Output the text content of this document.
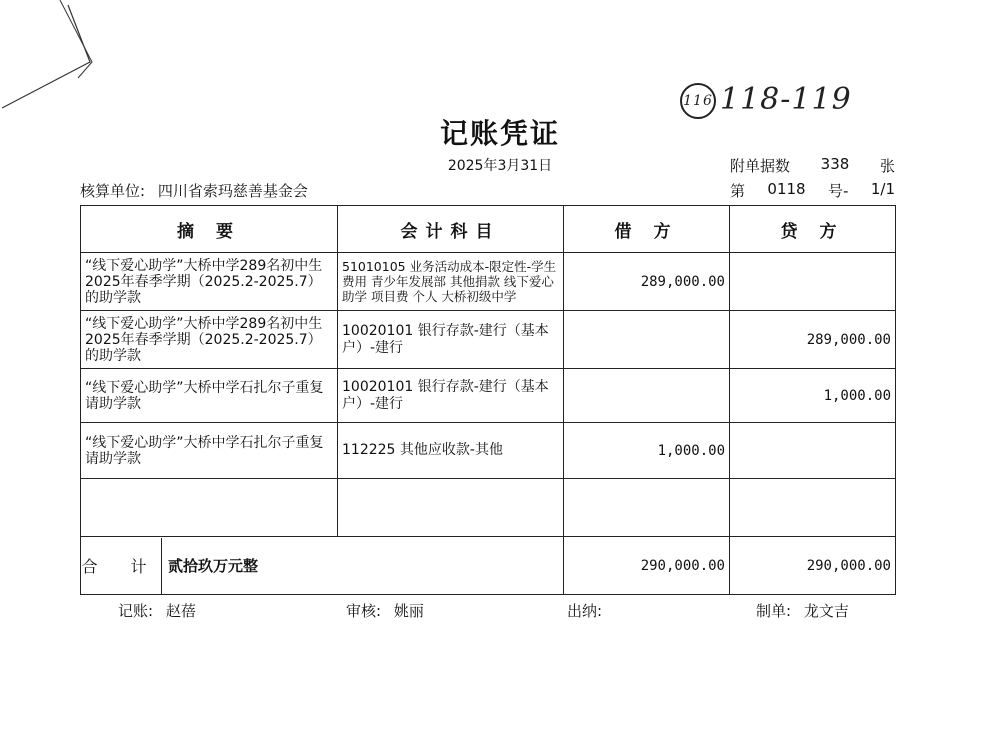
记账凭证
2025年3月31日
116 118-119
附单据数 338 张
第 0118 号- 1/1
核算单位: 四川省索玛慈善基金会
摘 要	会计科目	借 方	贷 方
“线下爱心助学”大桥中学289名初中生2025年春季学期（2025.2-2025.7）的助学款	51010105 业务活动成本-限定性-学生费用 青少年发展部 其他捐款 线下爱心助学 项目费 个人 大桥初级中学	289,000.00	
“线下爱心助学”大桥中学289名初中生2025年春季学期（2025.2-2025.7）的助学款	10020101 银行存款-建行（基本户）-建行		289,000.00
“线下爱心助学”大桥中学石扎尔子重复请助学款	10020101 银行存款-建行（基本户）-建行		1,000.00
“线下爱心助学”大桥中学石扎尔子重复请助学款	112225 其他应收款-其他	1,000.00	

合 计 贰拾玖万元整		290,000.00	290,000.00
记账: 赵蓓	审核: 姚丽	出纳:	制单: 龙文吉
